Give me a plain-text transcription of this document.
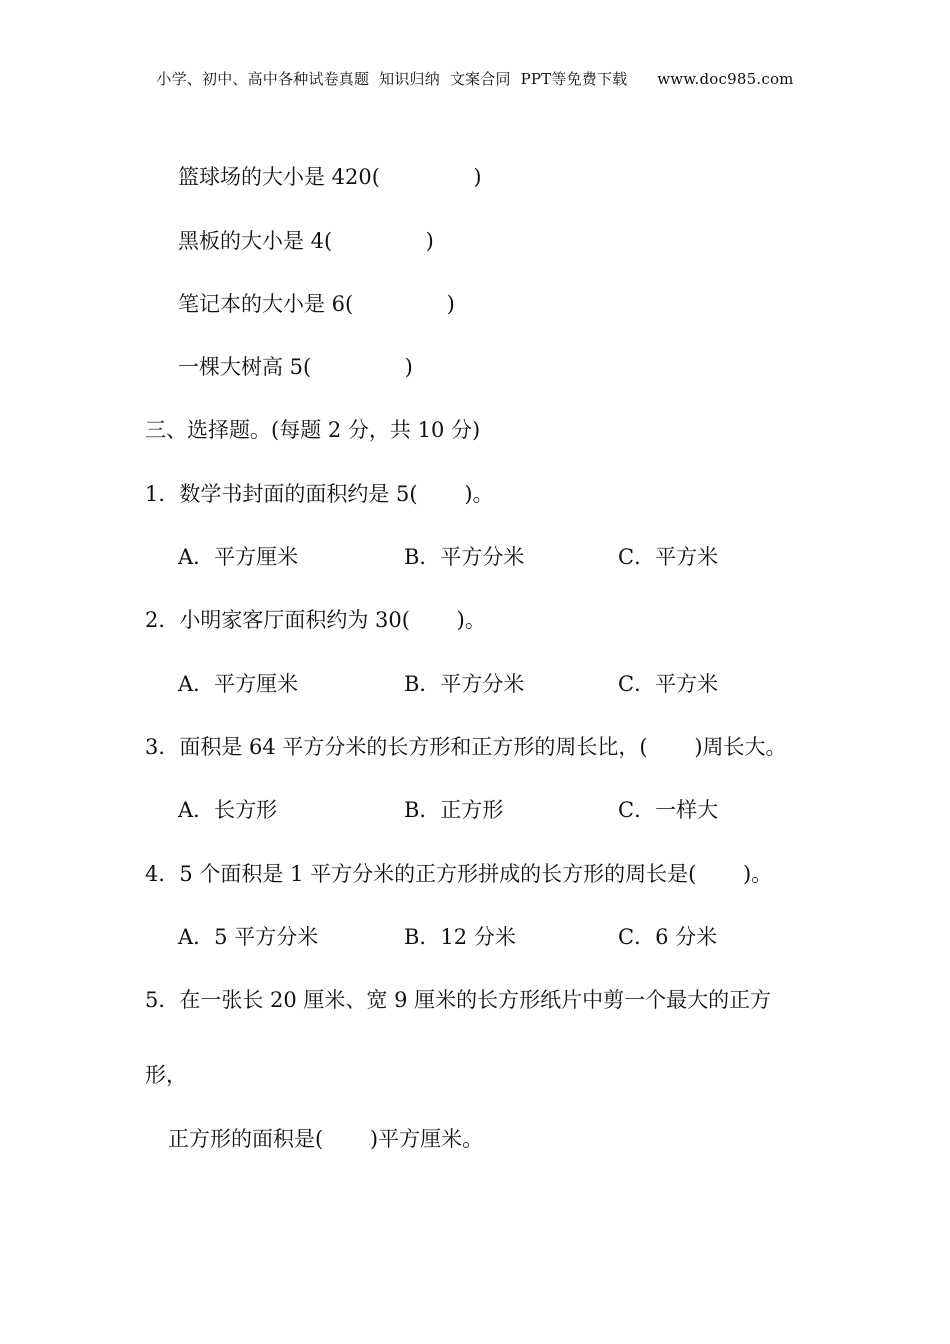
小学、初中、高中各种试卷真题  知识归纳  文案合同  PPT等免费下载      www.doc985.com
篮球场的大小是 420(              )
黑板的大小是 4(              )
笔记本的大小是 6(              )
一棵大树高 5(              )
三、选择题。(每题 2 分，共 10 分)
1．数学书封面的面积约是 5(       )。
A．平方厘米	B．平方分米	C．平方米
2．小明家客厅面积约为 30(       )。
A．平方厘米	B．平方分米	C．平方米
3．面积是 64 平方分米的长方形和正方形的周长比，(       )周长大。
A．长方形	B．正方形	C．一样大
4．5 个面积是 1 平方分米的正方形拼成的长方形的周长是(       )。
A．5 平方分米	B．12 分米	C．6 分米
5．在一张长 20 厘米、宽 9 厘米的长方形纸片中剪一个最大的正方
形，
正方形的面积是(       )平方厘米。
